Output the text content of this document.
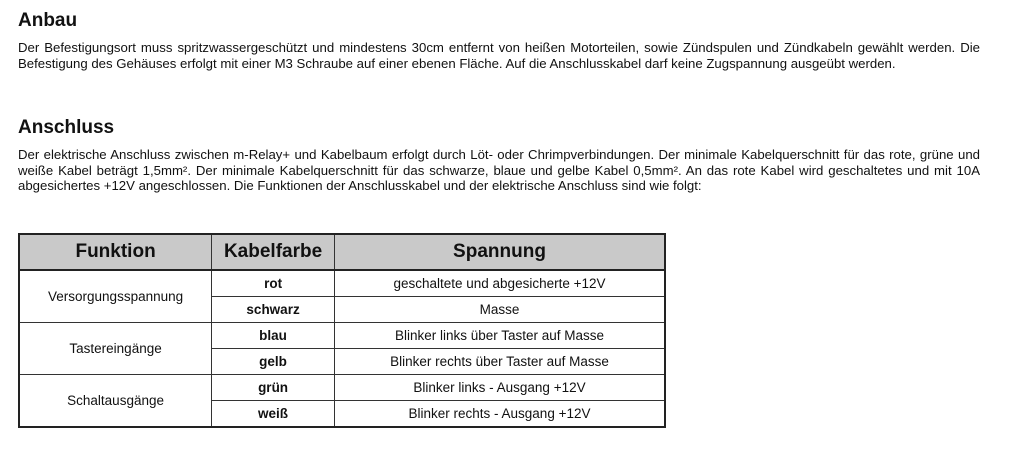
Anbau

Der Befestigungsort muss spritzwassergeschützt und mindestens 30cm entfernt von heißen Motorteilen, sowie Zündspulen und Zündkabeln gewählt werden. Die Befestigung des Gehäuses erfolgt mit einer M3 Schraube auf einer ebenen Fläche. Auf die Anschlusskabel darf keine Zugspannung ausgeübt werden.

Anschluss

Der elektrische Anschluss zwischen m-Relay+ und Kabelbaum erfolgt durch Löt- oder Chrimpverbindungen. Der minimale Kabelquerschnitt für das rote, grüne und weiße Kabel beträgt 1,5mm². Der minimale Kabelquerschnitt für das schwarze, blaue und gelbe Kabel 0,5mm². An das rote Kabel wird geschaltetes und mit 10A abgesichertes +12V angeschlossen. Die Funktionen der Anschlusskabel und der elektrische Anschluss sind wie folgt:

Funktion	Kabelfarbe	Spannung
Versorgungsspannung	rot	geschaltete und abgesicherte +12V
	schwarz	Masse
Tastereingänge	blau	Blinker links über Taster auf Masse
	gelb	Blinker rechts über Taster auf Masse
Schaltausgänge	grün	Blinker links - Ausgang +12V
	weiß	Blinker rechts - Ausgang +12V
